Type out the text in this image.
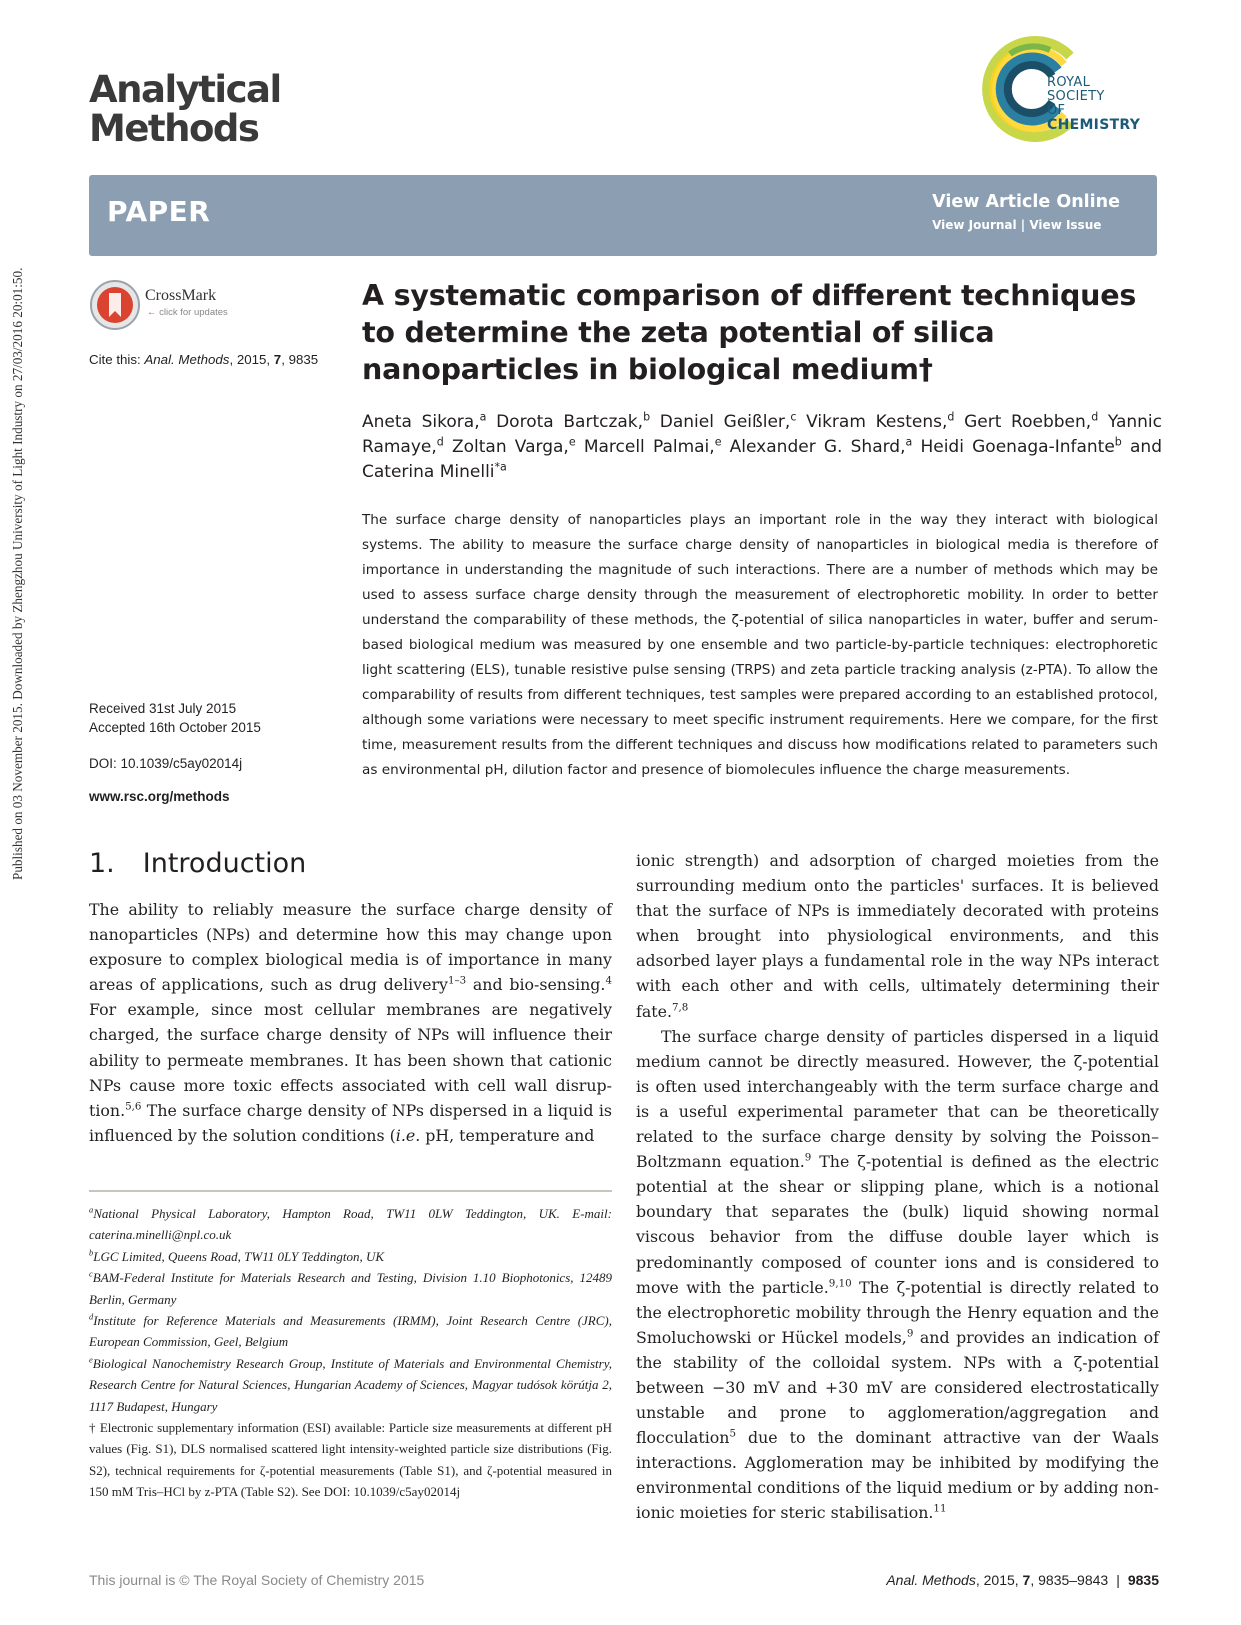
Published on 03 November 2015. Downloaded by Zhengzhou University of Light Industry on 27/03/2016 20:01:50.
Analytical
Methods
ROYAL SOCIETY
OF CHEMISTRY
PAPER	View Article Online
View Journal | View Issue
CrossMark
← click for updates
Cite this: Anal. Methods, 2015, 7, 9835
A systematic comparison of different techniques to determine the zeta potential of silica nanoparticles in biological medium†
Aneta Sikora,$^a$ Dorota Bartczak,$^b$ Daniel Geißler,$^c$ Vikram Kestens,$^d$ Gert Roebben,$^d$ Yannic Ramaye,$^d$ Zoltan Varga,$^e$ Marcell Palmai,$^e$ Alexander G. Shard,$^a$ Heidi Goenaga-Infante$^b$ and Caterina Minelli$^{*a}$
The surface charge density of nanoparticles plays an important role in the way they interact with biological systems. The ability to measure the surface charge density of nanoparticles in biological media is therefore of importance in understanding the magnitude of such interactions. There are a number of methods which may be used to assess surface charge density through the measurement of electrophoretic mobility. In order to better understand the comparability of these methods, the ζ-potential of silica nanoparticles in water, buffer and serum-based biological medium was measured by one ensemble and two particle-by-particle techniques: electrophoretic light scattering (ELS), tunable resistive pulse sensing (TRPS) and zeta particle tracking analysis (z-PTA). To allow the comparability of results from different techniques, test samples were prepared according to an established protocol, although some variations were necessary to meet specific instrument requirements. Here we compare, for the first time, measurement results from the different techniques and discuss how modifications related to parameters such as environmental pH, dilution factor and presence of biomolecules influence the charge measurements.
Received 31st July 2015
Accepted 16th October 2015
DOI: 10.1039/c5ay02014j
www.rsc.org/methods
1. Introduction

The ability to reliably measure the surface charge density of nanoparticles (NPs) and determine how this may change upon exposure to complex biological media is of importance in many areas of applications, such as drug delivery$^{1-3}$ and bio-sensing.$^4$ For example, since most cellular membranes are negatively charged, the surface charge density of NPs will influence their ability to permeate membranes. It has been shown that cationic NPs cause more toxic effects associated with cell wall disruption.$^{5,6}$ The surface charge density of NPs dispersed in a liquid is influenced by the solution conditions (i.e. pH, temperature and

ionic strength) and adsorption of charged moieties from the surrounding medium onto the particles' surfaces. It is believed that the surface of NPs is immediately decorated with proteins when brought into physiological environments, and this adsorbed layer plays a fundamental role in the way NPs interact with each other and with cells, ultimately determining their fate.$^{7,8}$

The surface charge density of particles dispersed in a liquid medium cannot be directly measured. However, the ζ-potential is often used interchangeably with the term surface charge and is a useful experimental parameter that can be theoretically related to the surface charge density by solving the Poisson–Boltzmann equation.$^9$ The ζ-potential is defined as the electric potential at the shear or slipping plane, which is a notional boundary that separates the (bulk) liquid showing normal viscous behavior from the diffuse double layer which is predominantly composed of counter ions and is considered to move with the particle.$^{9,10}$ The ζ-potential is directly related to the electrophoretic mobility through the Henry equation and the Smoluchowski or Hückel models,$^9$ and provides an indication of the stability of the colloidal system. NPs with a ζ-potential between −30 mV and +30 mV are considered electrostatically unstable and prone to agglomeration/aggregation and flocculation$^5$ due to the dominant attractive van der Waals interactions. Agglomeration may be inhibited by modifying the environmental conditions of the liquid medium or by adding non-ionic moieties for steric stabilisation.$^{11}$

$^a$National Physical Laboratory, Hampton Road, TW11 0LW Teddington, UK. E-mail: caterina.minelli@npl.co.uk

$^b$LGC Limited, Queens Road, TW11 0LY Teddington, UK

$^c$BAM-Federal Institute for Materials Research and Testing, Division 1.10 Biophotonics, 12489 Berlin, Germany

$^d$Institute for Reference Materials and Measurements (IRMM), Joint Research Centre (JRC), European Commission, Geel, Belgium

$^e$Biological Nanochemistry Research Group, Institute of Materials and Environmental Chemistry, Research Centre for Natural Sciences, Hungarian Academy of Sciences, Magyar tudósok körútja 2, 1117 Budapest, Hungary

† Electronic supplementary information (ESI) available: Particle size measurements at different pH values (Fig. S1), DLS normalised scattered light intensity-weighted particle size distributions (Fig. S2), technical requirements for ζ-potential measurements (Table S1), and ζ-potential measured in 150 mM Tris–HCl by z-PTA (Table S2). See DOI: 10.1039/c5ay02014j

This journal is © The Royal Society of Chemistry 2015	Anal. Methods, 2015, 7, 9835–9843 | 9835
